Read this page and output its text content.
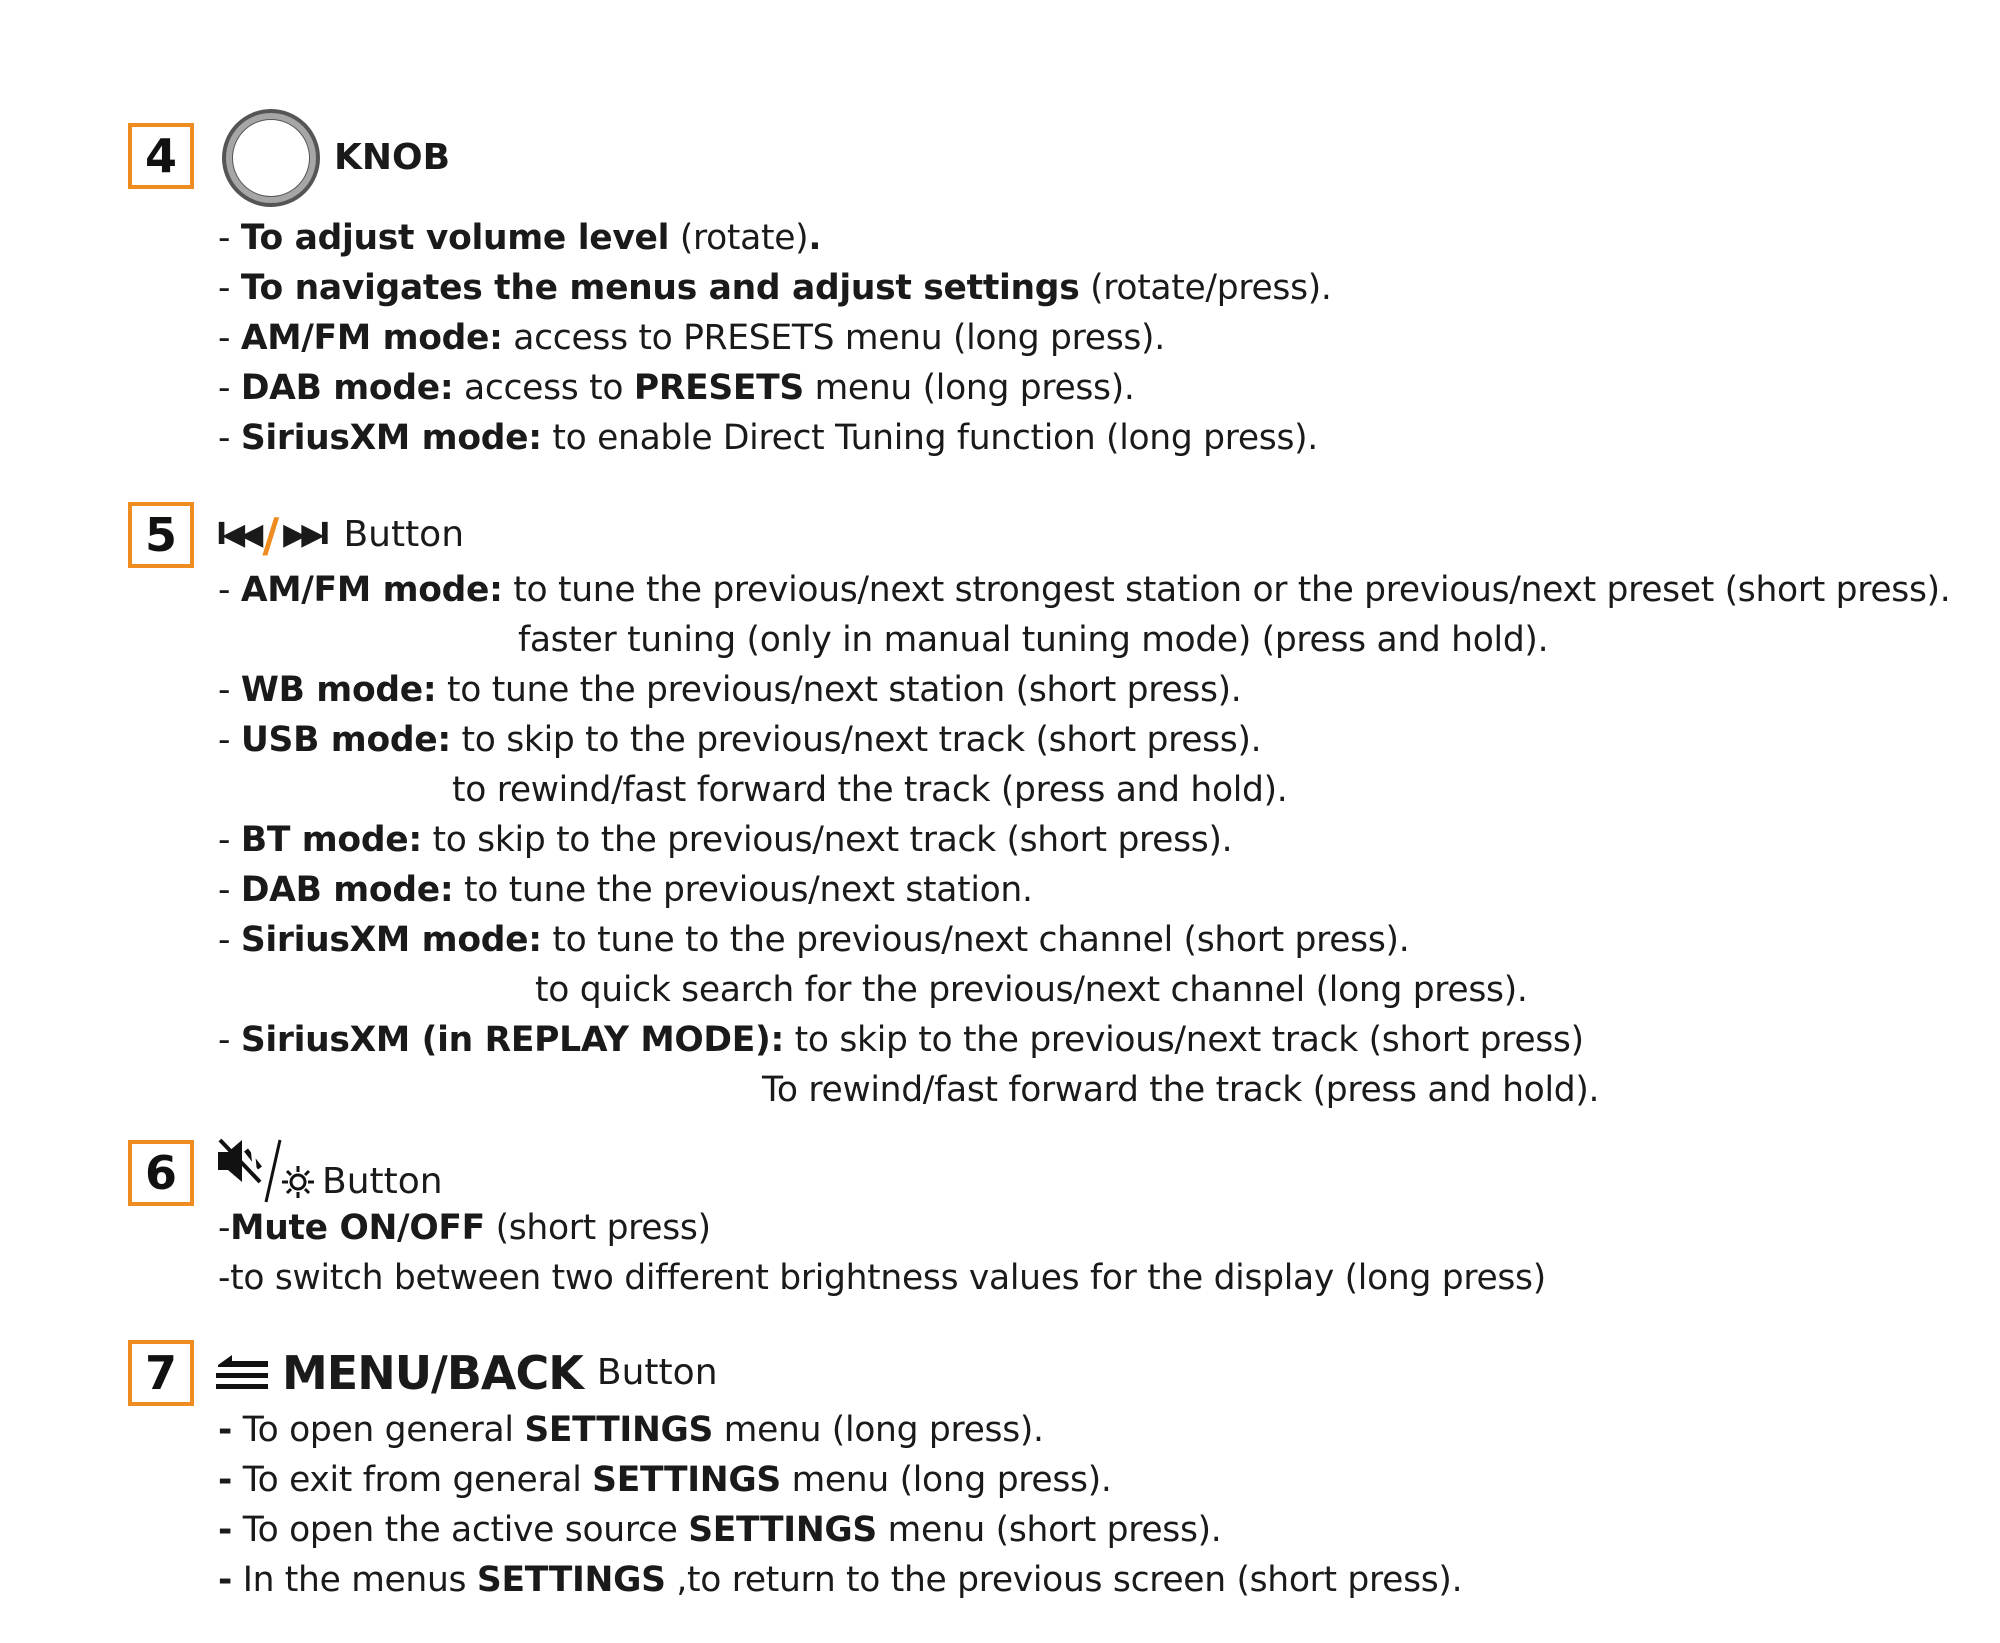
4	KNOB
- To adjust volume level (rotate).
- To navigates the menus and adjust settings (rotate/press).
- AM/FM mode: access to PRESETS menu (long press).
- DAB mode: access to PRESETS menu (long press).
- SiriusXM mode: to enable Direct Tuning function (long press).
5	I◀◀ / ▶▶I Button
- AM/FM mode: to tune the previous/next strongest station or the previous/next preset (short press).
faster tuning (only in manual tuning mode) (press and hold).
- WB mode: to tune the previous/next station (short press).
- USB mode: to skip to the previous/next track (short press).
to rewind/fast forward the track (press and hold).
- BT mode: to skip to the previous/next track (short press).
- DAB mode: to tune the previous/next station.
- SiriusXM mode: to tune to the previous/next channel (short press).
to quick search for the previous/next channel (long press).
- SiriusXM (in REPLAY MODE): to skip to the previous/next track (short press)
To rewind/fast forward the track (press and hold).
6	Button
-Mute ON/OFF (short press)
-to switch between two different brightness values for the display (long press)
7	MENU/BACK Button
- To open general SETTINGS menu (long press).
- To exit from general SETTINGS menu (long press).
- To open the active source SETTINGS menu (short press).
- In the menus SETTINGS ,to return to the previous screen (short press).
